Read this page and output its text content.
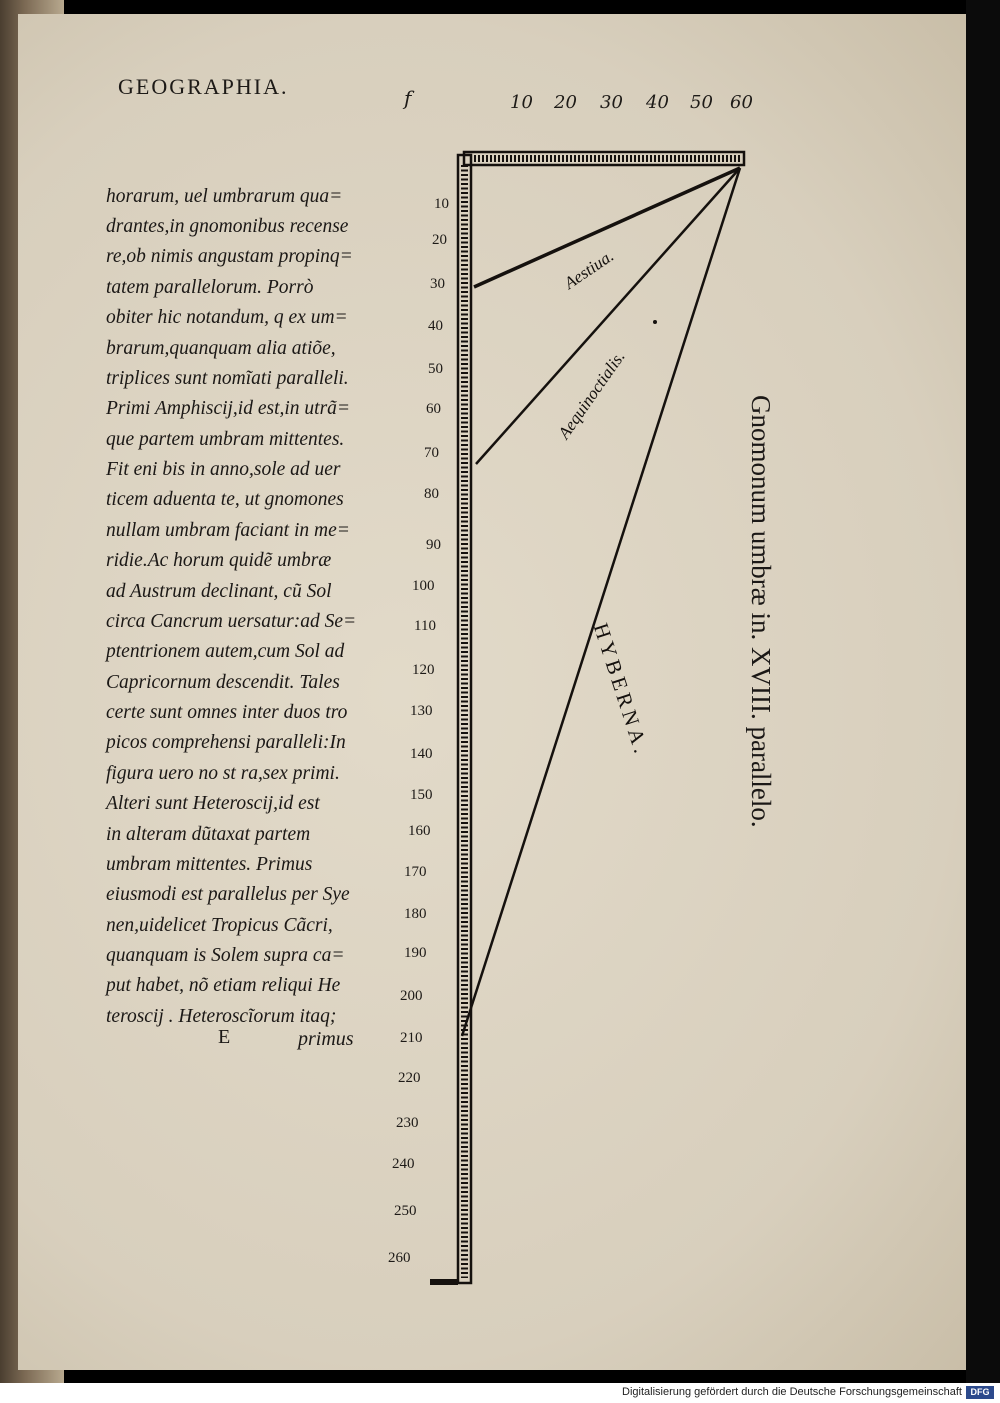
GEOGRAPHIA.	f	10 20 30 40 50 60
horarum, uel umbrarum qua=
drantes,in gnomonibus recense
re,ob nimis angustam propinq=
tatem parallelorum. Porrò
obiter hic notandum, q ex um=
brarum,quanquam alia atiõe,
triplices sunt nomĩati paralleli.
Primi Amphiscij,id est,in utrã=
que partem umbram mittentes.
Fit eni bis in anno,sole ad uer
ticem aduenta te, ut gnomones
nullam umbram faciant in me=
ridie.Ac horum quidẽ umbræ
ad Austrum declinant, cũ Sol
circa Cancrum uersatur:ad Se=
ptentrionem autem,cum Sol ad
Capricornum descendit. Tales
certe sunt omnes inter duos tro
picos comprehensi paralleli:In
figura uero no st ra,sex primi.
Alteri sunt Heteroscij,id est
in alteram dũtaxat partem
umbram mittentes. Primus
eiusmodi est parallelus per Sye
nen,uidelicet Tropicus Cãcri,
quanquam is Solem supra ca=
put habet, nõ etiam reliqui He
teroscij . Heteroscĩorum itaq;
E	primus
Aestiua.
Aequinoctialis.
HYBERNA.
10
20
30
40
50
60
70
80
90
100
110
120
130
140
150
160
170
180
190
200
210
220
230
240
250
260
Gnomonum umbræ in. XVIII. parallelo.
Digitalisierung gefördert durch die Deutsche Forschungsgemeinschaft DFG
